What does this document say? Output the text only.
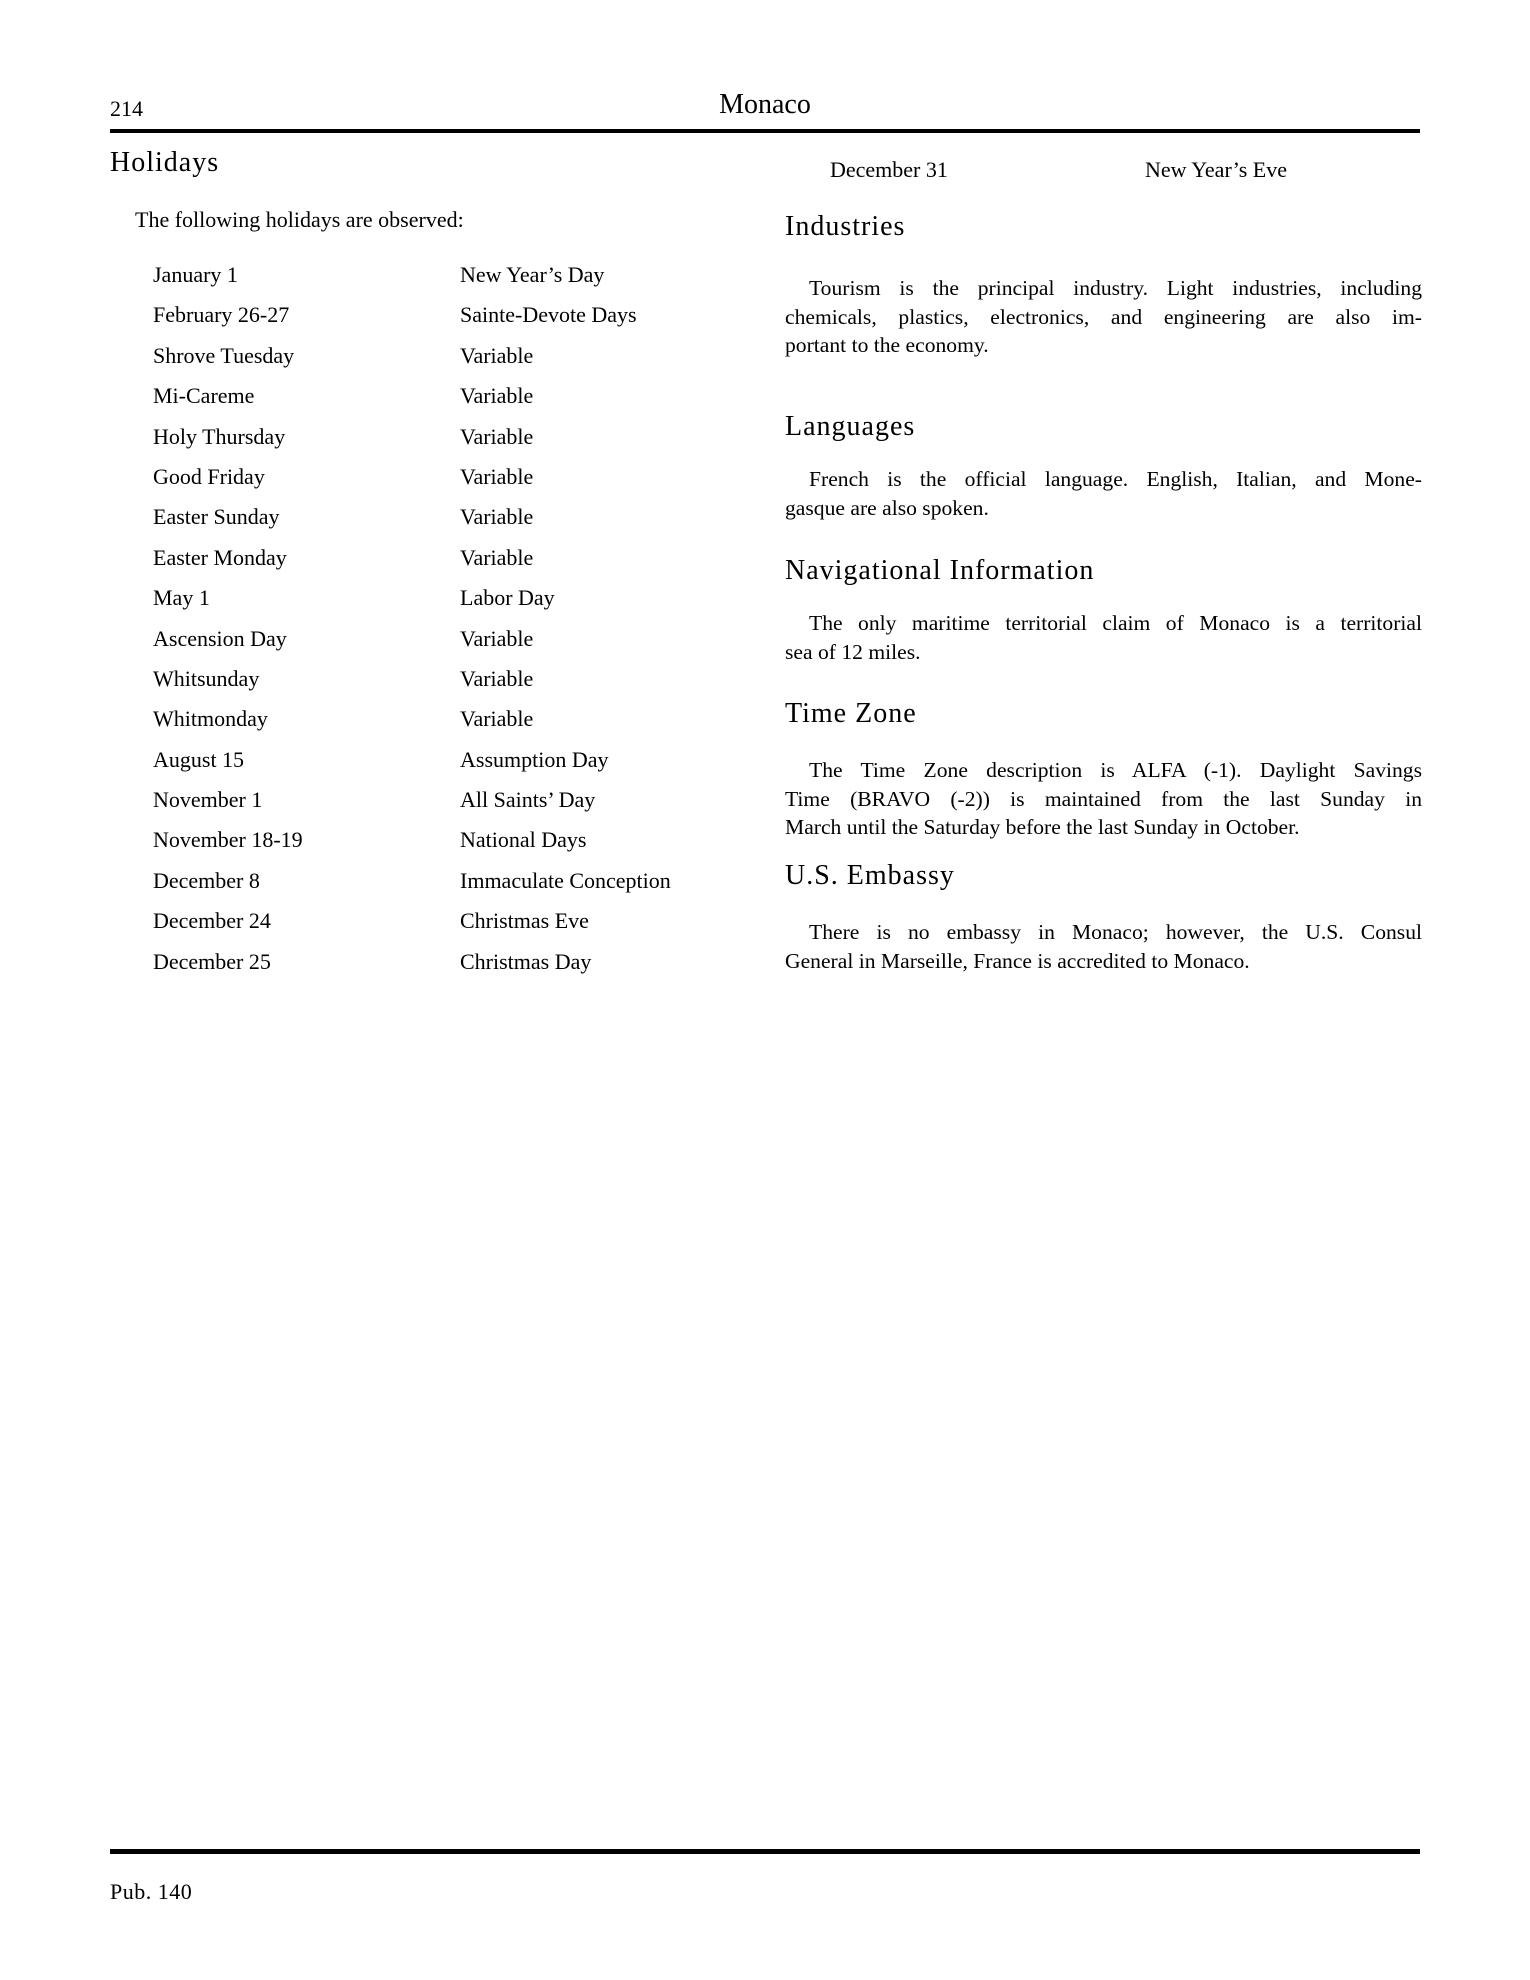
214	Monaco
Holidays

The following holidays are observed:

January 1	New Year’s Day
February 26-27	Sainte-Devote Days
Shrove Tuesday	Variable
Mi-Careme	Variable
Holy Thursday	Variable
Good Friday	Variable
Easter Sunday	Variable
Easter Monday	Variable
May 1	Labor Day
Ascension Day	Variable
Whitsunday	Variable
Whitmonday	Variable
August 15	Assumption Day
November 1	All Saints’ Day
November 18-19	National Days
December 8	Immaculate Conception
December 24	Christmas Eve
December 25	Christmas Day
December 31	New Year’s Eve
Industries
Tourism is the principal industry. Light industries, including
chemicals, plastics, electronics, and engineering are also im-
portant to the economy.
Languages
French is the official language. English, Italian, and Mone-
gasque are also spoken.
Navigational Information
The only maritime territorial claim of Monaco is a territorial
sea of 12 miles.
Time Zone
The Time Zone description is ALFA (-1). Daylight Savings
Time (BRAVO (-2)) is maintained from the last Sunday in
March until the Saturday before the last Sunday in October.
U.S. Embassy
There is no embassy in Monaco; however, the U.S. Consul
General in Marseille, France is accredited to Monaco.
Pub. 140
